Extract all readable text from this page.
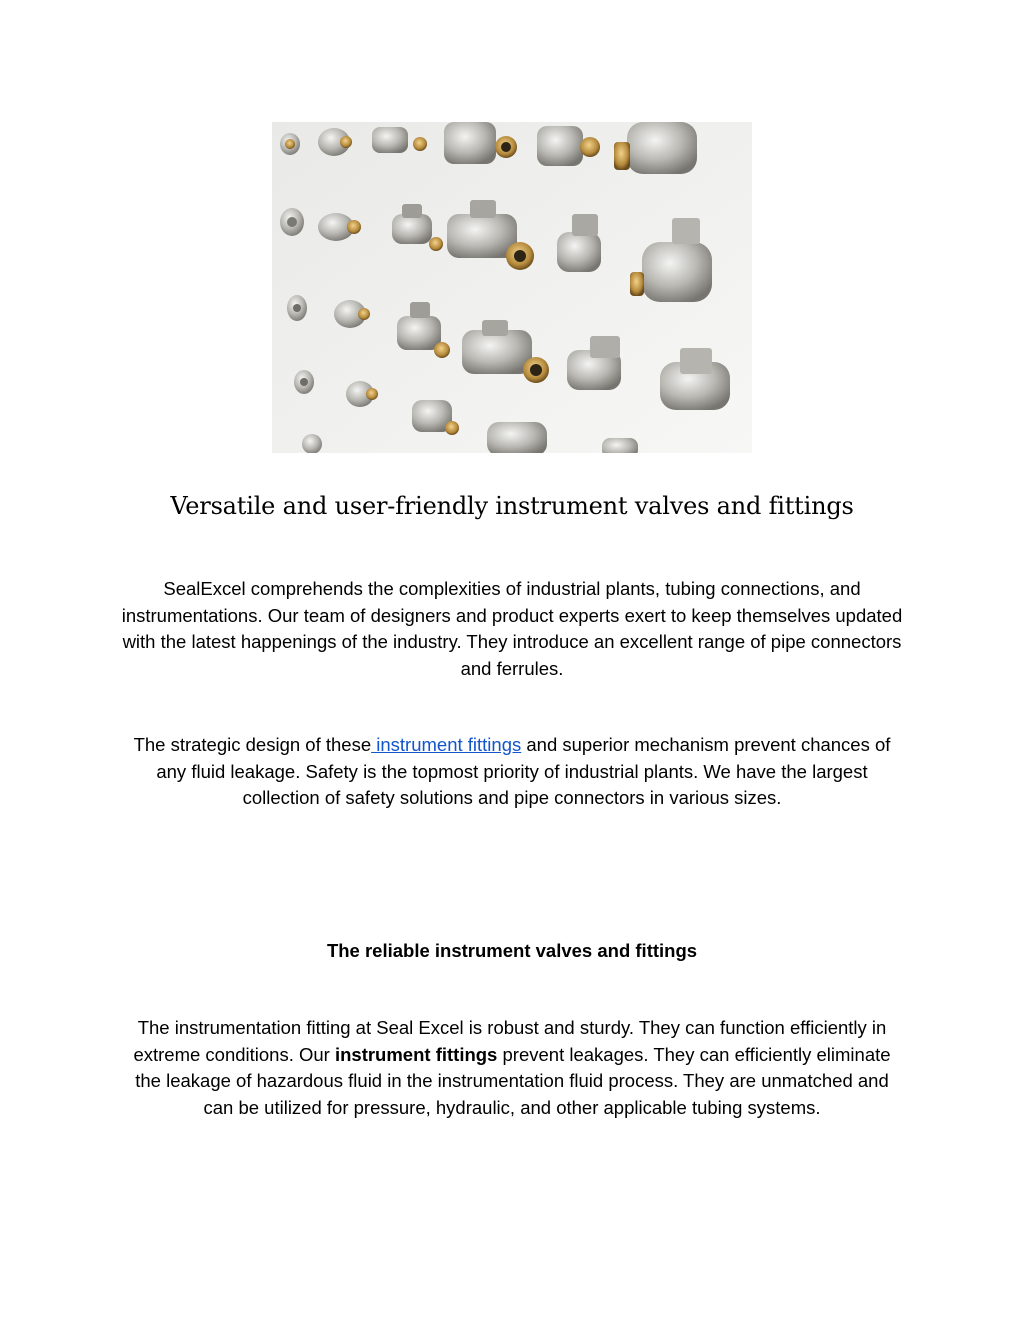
Versatile and user-friendly instrument valves and fittings

SealExcel comprehends the complexities of industrial plants, tubing connections, and instrumentations. Our team of designers and product experts exert to keep themselves updated with the latest happenings of the industry. They introduce an excellent range of pipe connectors and ferrules.

The strategic design of these instrument fittings and superior mechanism prevent chances of any fluid leakage. Safety is the topmost priority of industrial plants. We have the largest collection of safety solutions and pipe connectors in various sizes.

The reliable instrument valves and fittings

The instrumentation fitting at Seal Excel is robust and sturdy. They can function efficiently in extreme conditions. Our instrument fittings prevent leakages. They can efficiently eliminate the leakage of hazardous fluid in the instrumentation fluid process. They are unmatched and can be utilized for pressure, hydraulic, and other applicable tubing systems.
